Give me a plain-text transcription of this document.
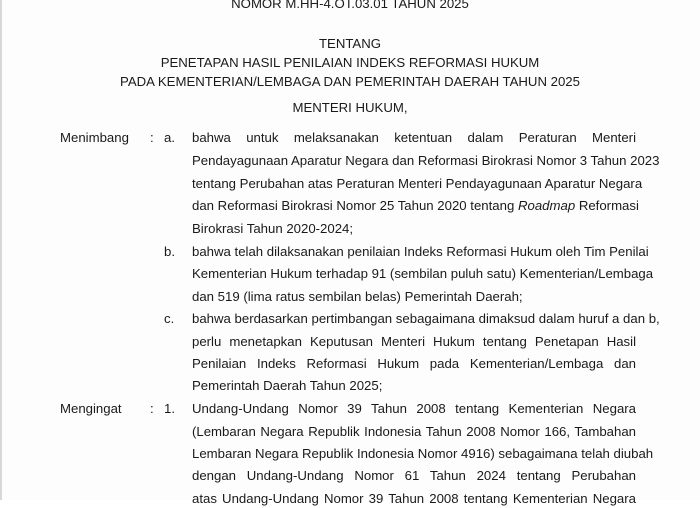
NOMOR M.HH-4.OT.03.01 TAHUN 2025
TENTANG
PENETAPAN HASIL PENILAIAN INDEKS REFORMASI HUKUM
PADA KEMENTERIAN/LEMBAGA DAN PEMERINTAH DAERAH TAHUN 2025
MENTERI HUKUM,
Menimbang : a. bahwa untuk melaksanakan ketentuan dalam Peraturan Menteri
Pendayagunaan Aparatur Negara dan Reformasi Birokrasi Nomor 3 Tahun 2023
tentang Perubahan atas Peraturan Menteri Pendayagunaan Aparatur Negara
dan Reformasi Birokrasi Nomor 25 Tahun 2020 tentang Roadmap Reformasi
Birokrasi Tahun 2020-2024;
b. bahwa telah dilaksanakan penilaian Indeks Reformasi Hukum oleh Tim Penilai
Kementerian Hukum terhadap 91 (sembilan puluh satu) Kementerian/Lembaga
dan 519 (lima ratus sembilan belas) Pemerintah Daerah;
c. bahwa berdasarkan pertimbangan sebagaimana dimaksud dalam huruf a dan b,
perlu menetapkan Keputusan Menteri Hukum tentang Penetapan Hasil
Penilaian Indeks Reformasi Hukum pada Kementerian/Lembaga dan
Pemerintah Daerah Tahun 2025;
Mengingat : 1. Undang-Undang Nomor 39 Tahun 2008 tentang Kementerian Negara
(Lembaran Negara Republik Indonesia Tahun 2008 Nomor 166, Tambahan
Lembaran Negara Republik Indonesia Nomor 4916) sebagaimana telah diubah
dengan Undang-Undang Nomor 61 Tahun 2024 tentang Perubahan
atas Undang-Undang Nomor 39 Tahun 2008 tentang Kementerian Negara
